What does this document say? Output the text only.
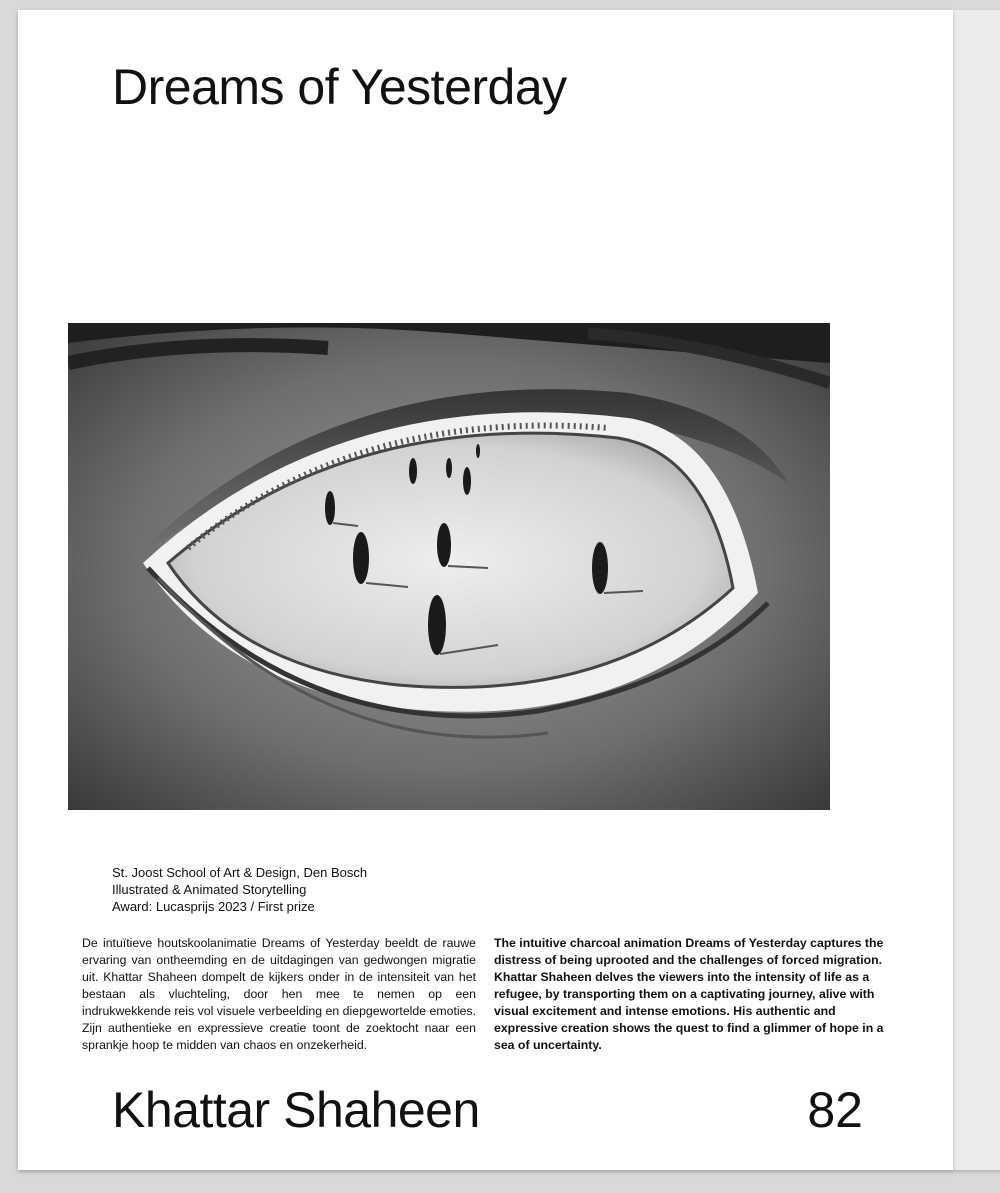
Dreams of Yesterday
St. Joost School of Art & Design, Den Bosch
Illustrated & Animated Storytelling
Award: Lucasprijs 2023 / First prize

De intuïtieve houtskoolanimatie Dreams of Yesterday beeldt de rauwe ervaring van ontheemding en de uitdagingen van gedwongen migratie uit. Khattar Shaheen dompelt de kijkers onder in de intensiteit van het bestaan als vluchteling, door hen mee te nemen op een indrukwekkende reis vol visuele verbeelding en diepgewortelde emoties. Zijn authentieke en expressieve creatie toont de zoektocht naar een sprankje hoop te midden van chaos en onzekerheid.

The intuitive charcoal animation Dreams of Yesterday captures the distress of being uprooted and the challenges of forced migration. Khattar Shaheen delves the viewers into the intensity of life as a refugee, by transporting them on a captivating journey, alive with visual excitement and intense emotions. His authentic and expressive creation shows the quest to find a glimmer of hope in a sea of uncertainty.

Khattar Shaheen	82
